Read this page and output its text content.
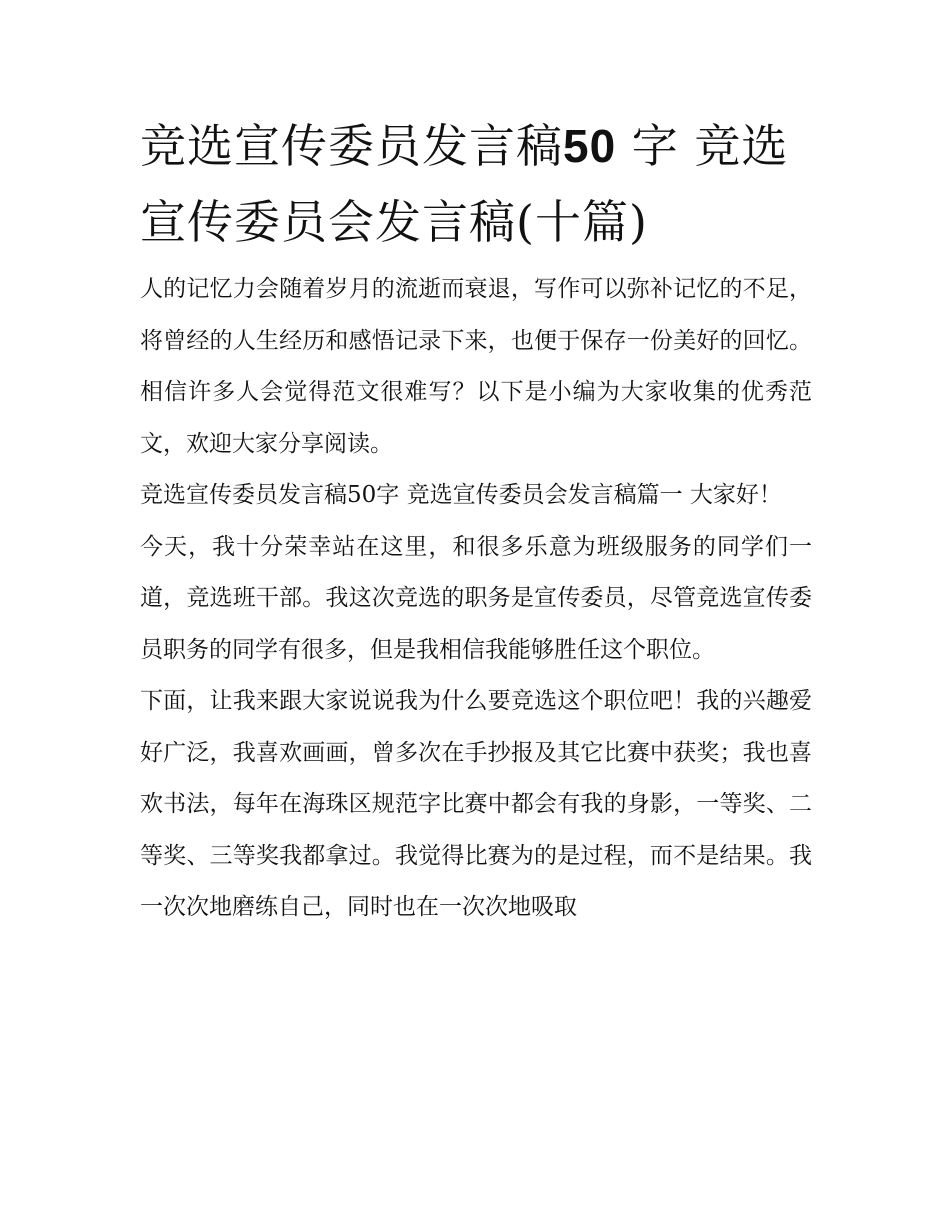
竞选宣传委员发言稿50 字 竞选宣传委员会发言稿(十篇)

人的记忆力会随着岁月的流逝而衰退，写作可以弥补记忆的不足，将曾经的人生经历和感悟记录下来，也便于保存一份美好的回忆。相信许多人会觉得范文很难写？以下是小编为大家收集的优秀范文，欢迎大家分享阅读。

竞选宣传委员发言稿50字 竞选宣传委员会发言稿篇一 大家好！

今天，我十分荣幸站在这里，和很多乐意为班级服务的同学们一道，竞选班干部。我这次竞选的职务是宣传委员，尽管竞选宣传委员职务的同学有很多，但是我相信我能够胜任这个职位。

下面，让我来跟大家说说我为什么要竞选这个职位吧！我的兴趣爱好广泛，我喜欢画画，曾多次在手抄报及其它比赛中获奖；我也喜欢书法，每年在海珠区规范字比赛中都会有我的身影，一等奖、二等奖、三等奖我都拿过。我觉得比赛为的是过程，而不是结果。我一次次地磨练自己，同时也在一次次地吸取
